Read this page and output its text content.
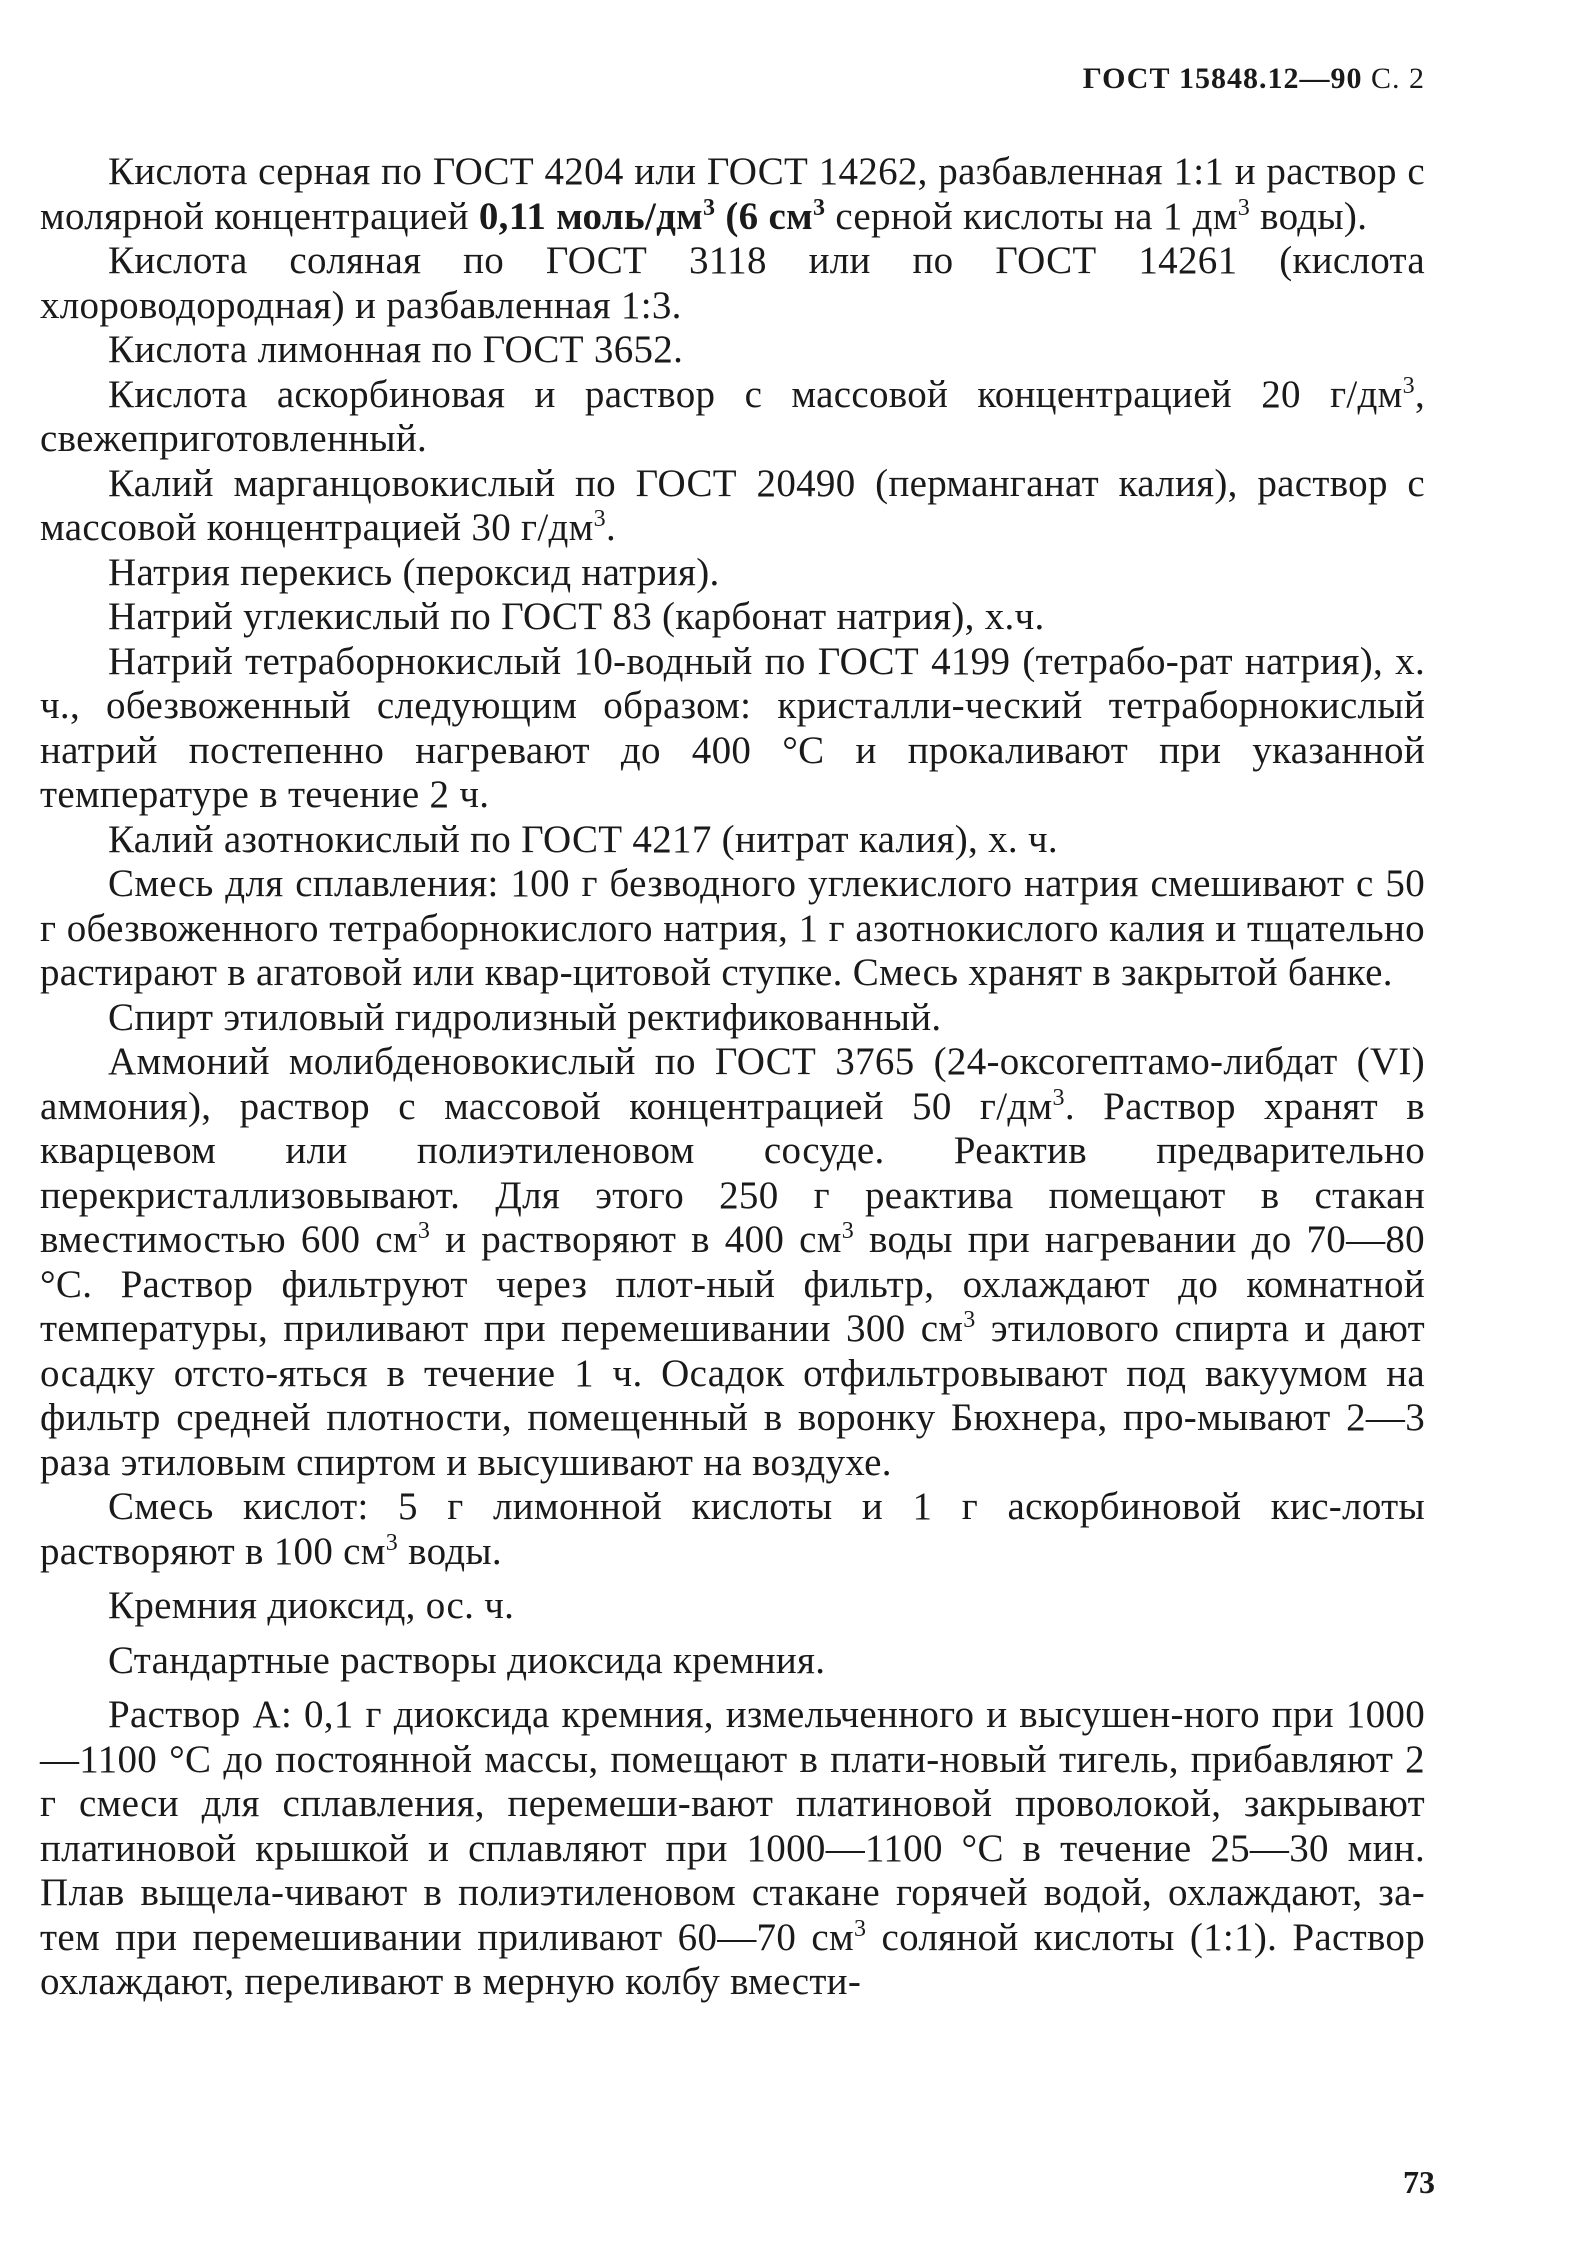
ГОСТ 15848.12—90 С. 2

Кислота серная по ГОСТ 4204 или ГОСТ 14262, разбавленная 1:1 и раствор с молярной концентрацией 0,11 моль/$дм^3$ (6 $см^3$ серной кислоты на 1 $дм^3$ воды).

Кислота соляная по ГОСТ 3118 или по ГОСТ 14261 (кислота хлороводородная) и разбавленная 1:3.

Кислота лимонная по ГОСТ 3652.

Кислота аскорбиновая и раствор с массовой концентрацией 20 $г/дм^3$, свежеприготовленный.

Калий марганцовокислый по ГОСТ 20490 (перманганат калия), раствор с массовой концентрацией 30 $г/дм^3$.

Натрия перекись (пероксид натрия).

Натрий углекислый по ГОСТ 83 (карбонат натрия), х.ч.

Натрий тетраборнокислый 10-водный по ГОСТ 4199 (тетрабо-рат натрия), х. ч., обезвоженный следующим образом: кристалли-ческий тетраборнокислый натрий постепенно нагревают до 400 °С и прокаливают при указанной температуре в течение 2 ч.

Калий азотнокислый по ГОСТ 4217 (нитрат калия), х. ч.

Смесь для сплавления: 100 г безводного углекислого натрия смешивают с 50 г обезвоженного тетраборнокислого натрия, 1 г азотнокислого калия и тщательно растирают в агатовой или квар-цитовой ступке. Смесь хранят в закрытой банке.

Спирт этиловый гидролизный ректификованный.

Аммоний молибденовокислый по ГОСТ 3765 (24-оксогептамо-либдат (VI) аммония), раствор с массовой концентрацией 50 $г/дм^3$. Раствор хранят в кварцевом или полиэтиленовом сосуде. Реактив предварительно перекристаллизовывают. Для этого 250 г реактива помещают в стакан вместимостью 600 $см^3$ и растворяют в 400 $см^3$ воды при нагревании до 70—80 °С. Раствор фильтруют через плот-ный фильтр, охлаждают до комнатной температуры, приливают при перемешивании 300 $см^3$ этилового спирта и дают осадку отсто-яться в течение 1 ч. Осадок отфильтровывают под вакуумом на фильтр средней плотности, помещенный в воронку Бюхнера, про-мывают 2—3 раза этиловым спиртом и высушивают на воздухе.

Смесь кислот: 5 г лимонной кислоты и 1 г аскорбиновой кис-лоты растворяют в 100 $см^3$ воды.

Кремния диоксид, ос. ч.

Стандартные растворы диоксида кремния.

Раствор А: 0,1 г диоксида кремния, измельченного и высушен-ного при 1000—1100 °С до постоянной массы, помещают в плати-новый тигель, прибавляют 2 г смеси для сплавления, перемеши-вают платиновой проволокой, закрывают платиновой крышкой и сплавляют при 1000—1100 °С в течение 25—30 мин. Плав выщела-чивают в полиэтиленовом стакане горячей водой, охлаждают, за-тем при перемешивании приливают 60—70 $см^3$ соляной кислоты (1:1). Раствор охлаждают, переливают в мерную колбу вмести-

73
